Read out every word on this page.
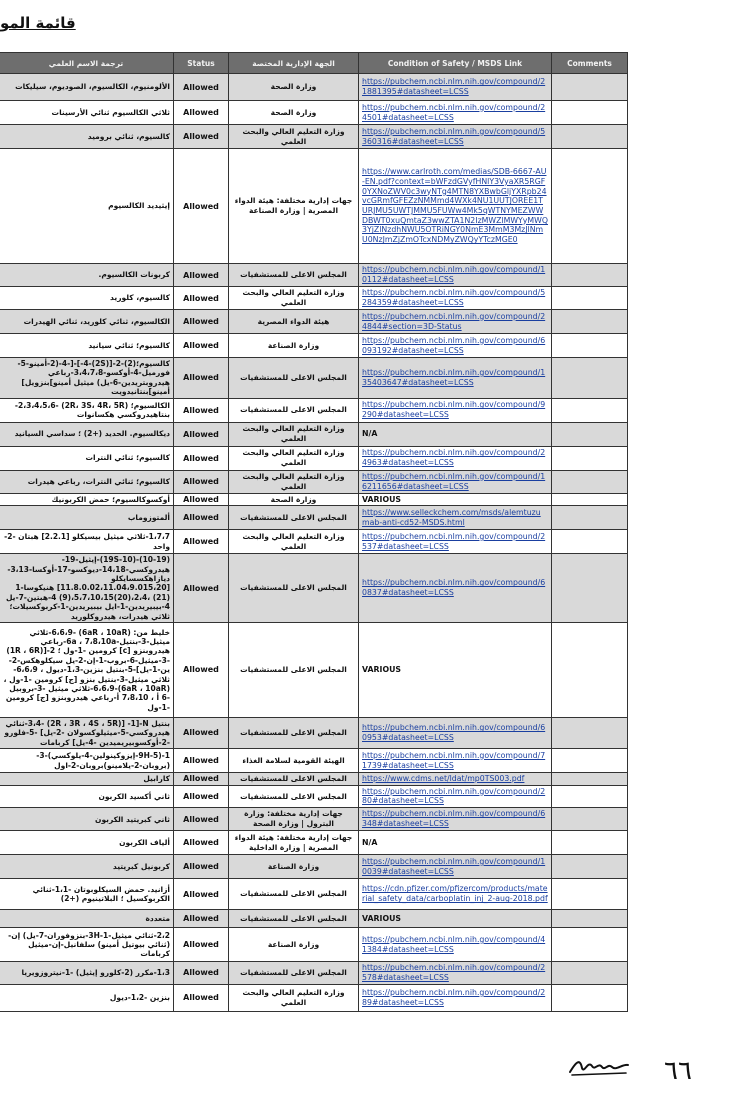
قائمة المو
ترجمة الاسم العلمي	Status	الجهة الإدارية المختصة	Condition of Safety / MSDS Link	Comments
الألومنيوم، الكالسيوم، الصوديوم، سيليكات	Allowed	وزارة الصحة	https://pubchem.ncbi.nlm.nih.gov/compound/21881395#datasheet=LCSS	
ثلاثي الكالسيوم ثنائي الأرسينات	Allowed	وزارة الصحة	https://pubchem.ncbi.nlm.nih.gov/compound/24501#datasheet=LCSS	
كالسيوم، ثنائي بروميد	Allowed	وزارة التعليم العالي والبحث العلمي	https://pubchem.ncbi.nlm.nih.gov/compound/5360316#datasheet=LCSS	
إيثيديد الكالسيوم	Allowed	جهات إدارية مختلفة: هيئة الدواء المصرية | وزارة الصناعة	https://www.carlroth.com/medias/SDB-6667-AU-EN.pdf?context=bWFzdGVyfHNlY3VyaXR5RGF0YXNoZWV0c3wyNTg4MTN8YXBwbGljYXRpb24vcGRmfGFEZzNMMmd4WXk4NU1UUTJOREE1TURJMU5UWTJMMU5FUWw4Mk5qWTNYMEZWWDBWT0xuQmtaZ3wwZTA1N2IzMWZlMWYyMWQ3YjZlNzdhNWU5OTRiNGY0NmE3MmM3MzJlNmU0NzJmZjZmOTcxNDMyZWQyYTczMGE0	
كربونات الكالسيوم.	Allowed	المجلس الاعلى للمستشفيات	https://pubchem.ncbi.nlm.nih.gov/compound/10112#datasheet=LCSS	
كالسيوم، كلوريد	Allowed	وزارة التعليم العالي والبحث العلمي	https://pubchem.ncbi.nlm.nih.gov/compound/5284359#datasheet=LCSS	
الكالسيوم، ثنائي كلوريد، ثنائي الهيدرات	Allowed	هيئة الدواء المصرية	https://pubchem.ncbi.nlm.nih.gov/compound/24844#section=3D-Status	
كالسيوم؛ ثنائي سيانيد	Allowed	وزارة الصناعة	https://pubchem.ncbi.nlm.nih.gov/compound/6093192#datasheet=LCSS	
كالسيوم؛(2)-2-[(2S)-4-]-[-4-(2-أمينو-5-فورميل-4-أوكسو-3،4،7،8-رباعي هيدروبتريدين-6-يل) ميثيل أمينو]بنزويل] أمينو]بنتانيدويت	Allowed	المجلس الاعلى للمستشفيات	https://pubchem.ncbi.nlm.nih.gov/compound/135403647#datasheet=LCSS	
الكالسيوم؛ (2R، 3S، 4R، 5R) -2،3،4،5،6-بنتاهيدروكسي هكسانوات	Allowed	المجلس الاعلى للمستشفيات	https://pubchem.ncbi.nlm.nih.gov/compound/9290#datasheet=LCSS	
ديكالسيوم. الحديد (+2) ؛ سداسي السيانيد	Allowed	وزارة التعليم العالي والبحث العلمي	N/A	
كالسيوم؛ ثنائي النترات	Allowed	وزارة التعليم العالي والبحث العلمي	https://pubchem.ncbi.nlm.nih.gov/compound/24963#datasheet=LCSS	
كالسيوم؛ ثنائي النترات، رباعي هيدرات	Allowed	وزارة التعليم العالي والبحث العلمي	https://pubchem.ncbi.nlm.nih.gov/compound/16211656#datasheet=LCSS	
أوكسوكالسيوم؛ حمض الكربونيك	Allowed	وزارة الصحة	VARIOUS	
ألمتوزوماب	Allowed	المجلس الاعلى للمستشفيات	https://www.selleckchem.com/msds/alemtuzumab-anti-cd52-MSDS.html	
1،7،7-ثلاثي ميثيل بيسيكلو [2.2.1] هبتان -2-واحد	Allowed	وزارة التعليم العالي والبحث العلمي	https://pubchem.ncbi.nlm.nih.gov/compound/2537#datasheet=LCSS	
(10-19)-(19S-10)-إيثيل-19-هيدروكسي-14،18-ديوكسو-17-أوكسا-3،13-ديازاهكسسايكلو [11.8.0.02،11.04،9.015،20] هنيكوسا-1 (21) ،2،4،(20)5،7،10،15،(9) 4-هبتين-7-يل 4-بيبيريدين-1-ايل بيبيريدين-1-كربوكسيلات؛ ثلاثي هيدرات، هيدروكلوريد	Allowed	المجلس الاعلى للمستشفيات	https://pubchem.ncbi.nlm.nih.gov/compound/60837#datasheet=LCSS	
خليط من: (6aR ، 10aR) -6،6،9-ثلاثي ميثيل-3-بنتيل-6a ، 7،8،10a-رباعي هيدروبنزو [c] كرومين -1-ول ؛ 2-[(1R ، 6R) -3-ميثيل-6-بروب-1-إن-2-يل سيكلوهكس-2-ين-1-يل]-5-بنتيل بنزين-1،3-ديول ، 6،6،9-ثلاثي ميثيل-3-بنتيل بنزو [ج] كرومين -1-ول ، (6aR ، 10aR)-6،6،9-ثلاثي ميثيل -3-بروبيل -6 أ ، 7،8،10 أ-رباعي هيدروبنزو [ج] كرومين -1-ول	Allowed	المجلس الاعلى للمستشفيات	VARIOUS	
بنتيل N-[1- [(2R ، 3R ، 4S ، 5R) -3،4-ثنائي هيدروكسي-5-ميثيلوكسولان -2-يل] -5-فلورو -2-أوكسوبيريميدين -4-يل] كربامات	Allowed	المجلس الاعلى للمستشفيات	https://pubchem.ncbi.nlm.nih.gov/compound/60953#datasheet=LCSS	
1-(9H-5-إيزوكينولين-4-يلوكسي)-3-(بروبان-2-يلامينو)بروبان-2-اول	Allowed	الهيئة القومية لسلامة الغذاء	https://pubchem.ncbi.nlm.nih.gov/compound/71739#datasheet=LCSS	
كارابيل	Allowed	المجلس الاعلى للمستشفيات	https://www.cdms.net/ldat/mp0TS003.pdf	
ثاني أكسيد الكربون	Allowed	المجلس الاعلى للمستشفيات	https://pubchem.ncbi.nlm.nih.gov/compound/280#datasheet=LCSS	
ثاني كبريتيد الكربون	Allowed	جهات إدارية مختلفة: وزارة البترول | وزارة الصحة	https://pubchem.ncbi.nlm.nih.gov/compound/6348#datasheet=LCSS	
ألياف الكربون	Allowed	جهات إدارية مختلفة: هيئة الدواء المصرية | وزارة الداخلية	N/A	
كربونيل كبريتيد	Allowed	وزارة الصناعة	https://pubchem.ncbi.nlm.nih.gov/compound/10039#datasheet=LCSS	
أزانيد. حمض السيكلوبوتان -1،1-ثنائي الكربوكسيل ؛ البلاتينيوم (+2)	Allowed	المجلس الاعلى للمستشفيات	https://cdn.pfizer.com/pfizercom/products/material_safety_data/carboplatin_inj_2-aug-2018.pdf	
متعددة	Allowed	المجلس الاعلى للمستشفيات	VARIOUS	
2،2-ثنائي ميثيل-3H-1-بنزوفوران-7-يل) إن-(ثنائي بيوتيل أمينو) سلفانيل-إن-ميثيل كربامات	Allowed	وزارة الصناعة	https://pubchem.ncbi.nlm.nih.gov/compound/41384#datasheet=LCSS	
1،3-مكرر (2-كلورو إيثيل) -1-نيتروزويريا	Allowed	المجلس الاعلى للمستشفيات	https://pubchem.ncbi.nlm.nih.gov/compound/2578#datasheet=LCSS	
بنزين -1،2-ديول	Allowed	وزارة التعليم العالي والبحث العلمي	https://pubchem.ncbi.nlm.nih.gov/compound/289#datasheet=LCSS	
٦٦
